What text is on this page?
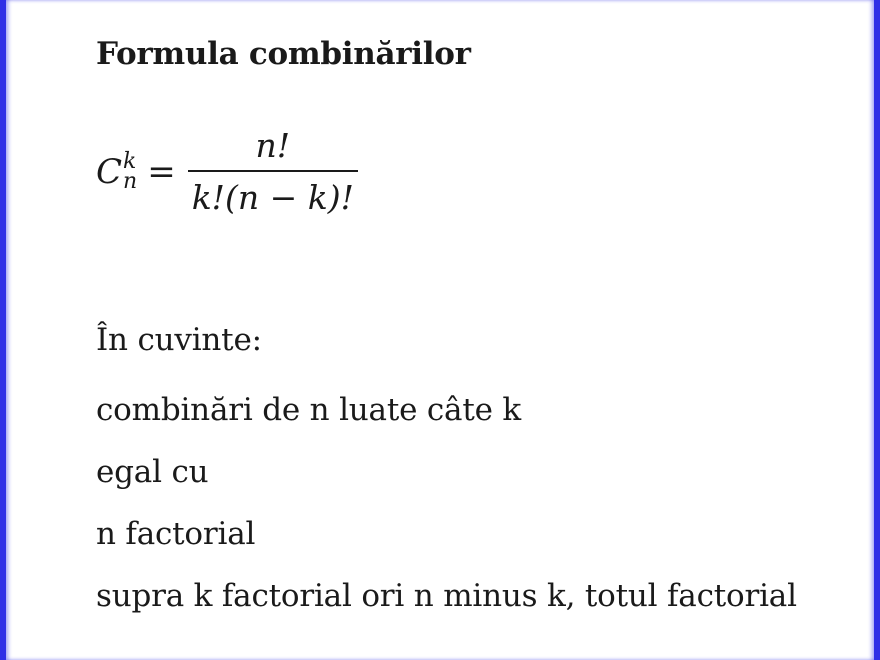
Formula combinărilor
C k
$n = \frac{n!}{k!(n - k)!}$
În cuvinte:
combinări de n luate câte k
egal cu
n factorial
supra k factorial ori n minus k, totul factorial
